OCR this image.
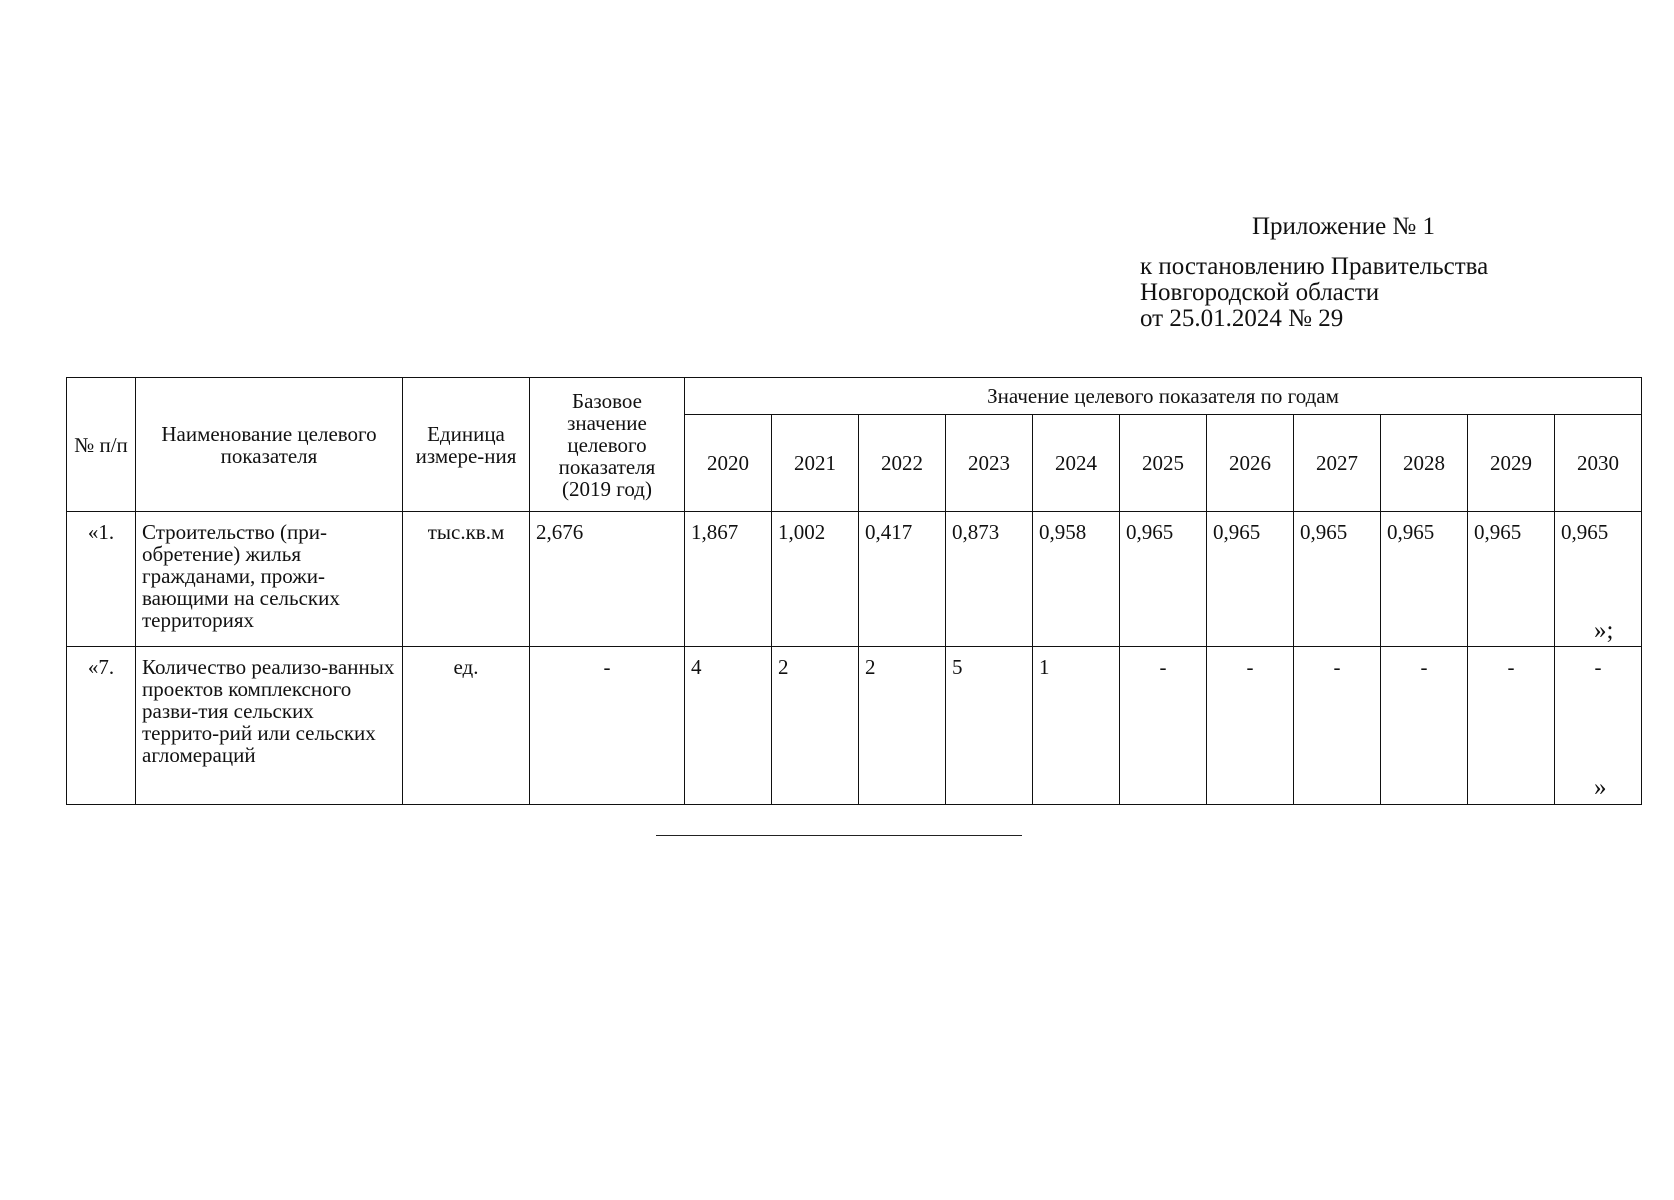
Приложение № 1
к постановлению Правительства
Новгородской области
от 25.01.2024 № 29
№ п/п	Наименование целевого показателя	Единица измере-ния	Базовое значение целевого показателя (2019 год)	Значение целевого показателя по годам										
				2020	2021	2022	2023	2024	2025	2026	2027	2028	2029	2030
«1.	Строительство (при-обретение) жилья гражданами, прожи-вающими на сельских территориях	тыс.кв.м	2,676	1,867	1,002	0,417	0,873	0,958	0,965	0,965	0,965	0,965	0,965	0,965
«7.	Количество реализо-ванных проектов комплексного разви-тия сельских террито-рий или сельских агломераций	ед.	-	4	2	2	5	1	-	-	-	-	-	-
»;
»
